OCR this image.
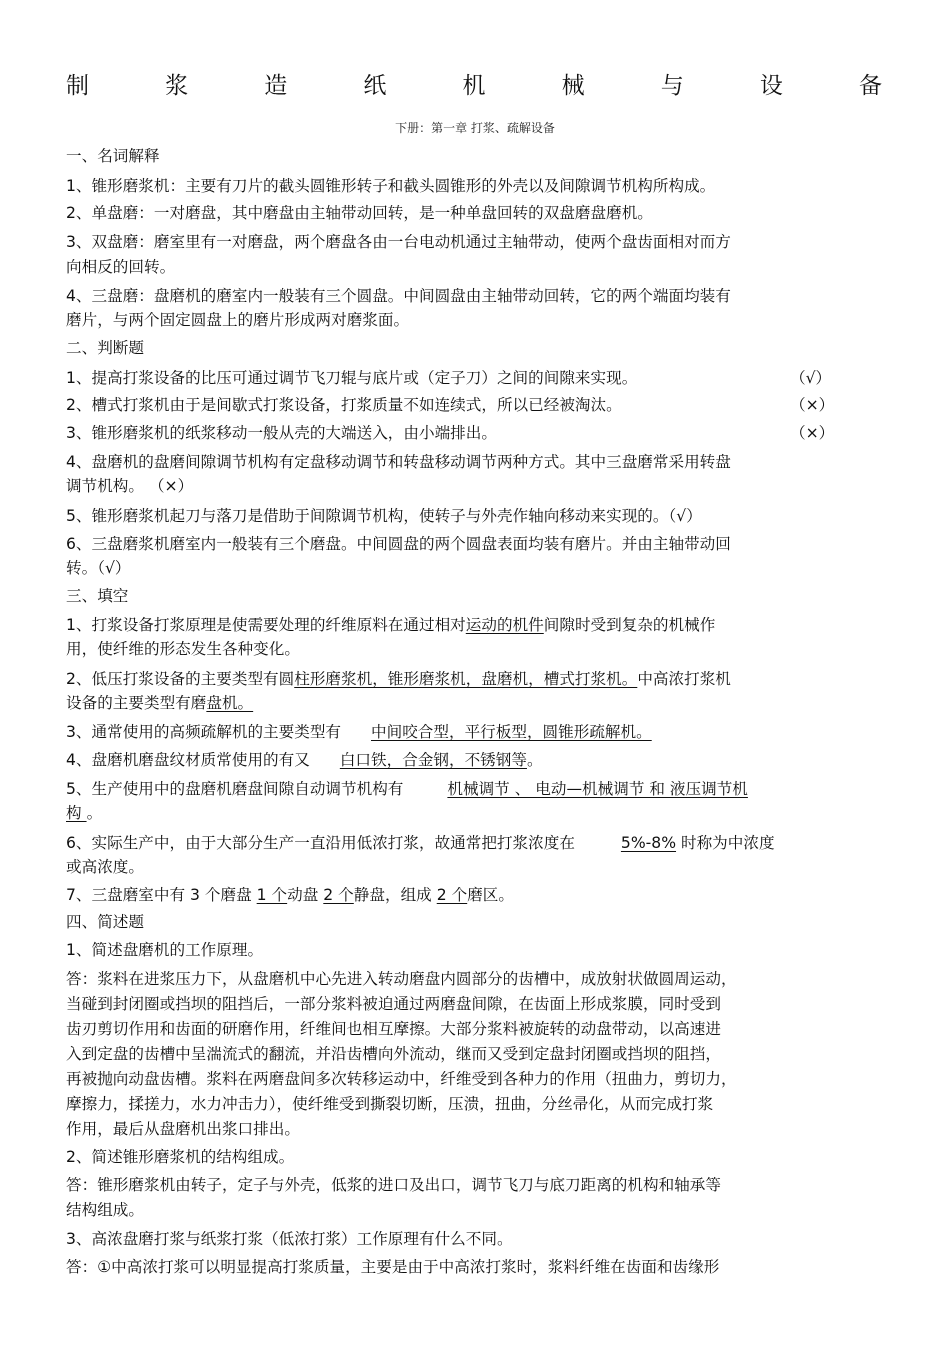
制	浆	造	纸	机	械	与	设	备
下册：第一章 打浆、疏解设备
一、名词解释
1、锥形磨浆机：主要有刀片的截头圆锥形转子和截头圆锥形的外壳以及间隙调节机构所构成。
2、单盘磨：一对磨盘，其中磨盘由主轴带动回转，是一种单盘回转的双盘磨盘磨机。
3、双盘磨：磨室里有一对磨盘，两个磨盘各由一台电动机通过主轴带动，使两个盘齿面相对而方
向相反的回转。
4、三盘磨：盘磨机的磨室内一般装有三个圆盘。中间圆盘由主轴带动回转，它的两个端面均装有
磨片，与两个固定圆盘上的磨片形成两对磨浆面。
二、判断题
1、提高打浆设备的比压可通过调节飞刀辊与底片或（定子刀）之间的间隙来实现。	（√）
2、槽式打浆机由于是间歇式打浆设备，打浆质量不如连续式，所以已经被淘汰。	（×）
3、锥形磨浆机的纸浆移动一般从壳的大端送入，由小端排出。	（×）
4、盘磨机的盘磨间隙调节机构有定盘移动调节和转盘移动调节两种方式。其中三盘磨常采用转盘
调节机构。 （×）
5、锥形磨浆机起刀与落刀是借助于间隙调节机构，使转子与外壳作轴向移动来实现的。（√）
6、三盘磨浆机磨室内一般装有三个磨盘。中间圆盘的两个圆盘表面均装有磨片。并由主轴带动回
转。（√）
三、填空
1、打浆设备打浆原理是使需要处理的纤维原料在通过相对运动的机件间隙时受到复杂的机械作
用，使纤维的形态发生各种变化。
2、低压打浆设备的主要类型有圆柱形磨浆机，锥形磨浆机，盘磨机，槽式打浆机。中高浓打浆机
设备的主要类型有磨盘机。
3、通常使用的高频疏解机的主要类型有 中间咬合型，平行板型，圆锥形疏解机。
4、盘磨机磨盘纹材质常使用的有又 白口铁，合金钢，不锈钢等。
5、生产使用中的盘磨机磨盘间隙自动调节机构有	机械调节 、 电动—机械调节 和 液压调节机
构 。
6、实际生产中，由于大部分生产一直沿用低浓打浆，故通常把打浆浓度在	5%-8% 时称为中浓度
或高浓度。
7、三盘磨室中有 3 个磨盘 1 个动盘 2 个静盘，组成 2 个磨区。
四、简述题
1、简述盘磨机的工作原理。
答：浆料在进浆压力下，从盘磨机中心先进入转动磨盘内圆部分的齿槽中，成放射状做圆周运动，
当碰到封闭圈或挡坝的阻挡后，一部分浆料被迫通过两磨盘间隙，在齿面上形成浆膜，同时受到
齿刃剪切作用和齿面的研磨作用，纤维间也相互摩擦。大部分浆料被旋转的动盘带动，以高速进
入到定盘的齿槽中呈湍流式的翻流，并沿齿槽向外流动，继而又受到定盘封闭圈或挡坝的阻挡，
再被抛向动盘齿槽。浆料在两磨盘间多次转移运动中，纤维受到各种力的作用（扭曲力，剪切力，
摩擦力，揉搓力，水力冲击力），使纤维受到撕裂切断，压溃，扭曲，分丝帚化，从而完成打浆
作用，最后从盘磨机出浆口排出。
2、简述锥形磨浆机的结构组成。
答：锥形磨浆机由转子，定子与外壳，低浆的进口及出口，调节飞刀与底刀距离的机构和轴承等
结构组成。
3、高浓盘磨打浆与纸浆打浆（低浓打浆）工作原理有什么不同。
答：①中高浓打浆可以明显提高打浆质量，主要是由于中高浓打浆时，浆料纤维在齿面和齿缘形
